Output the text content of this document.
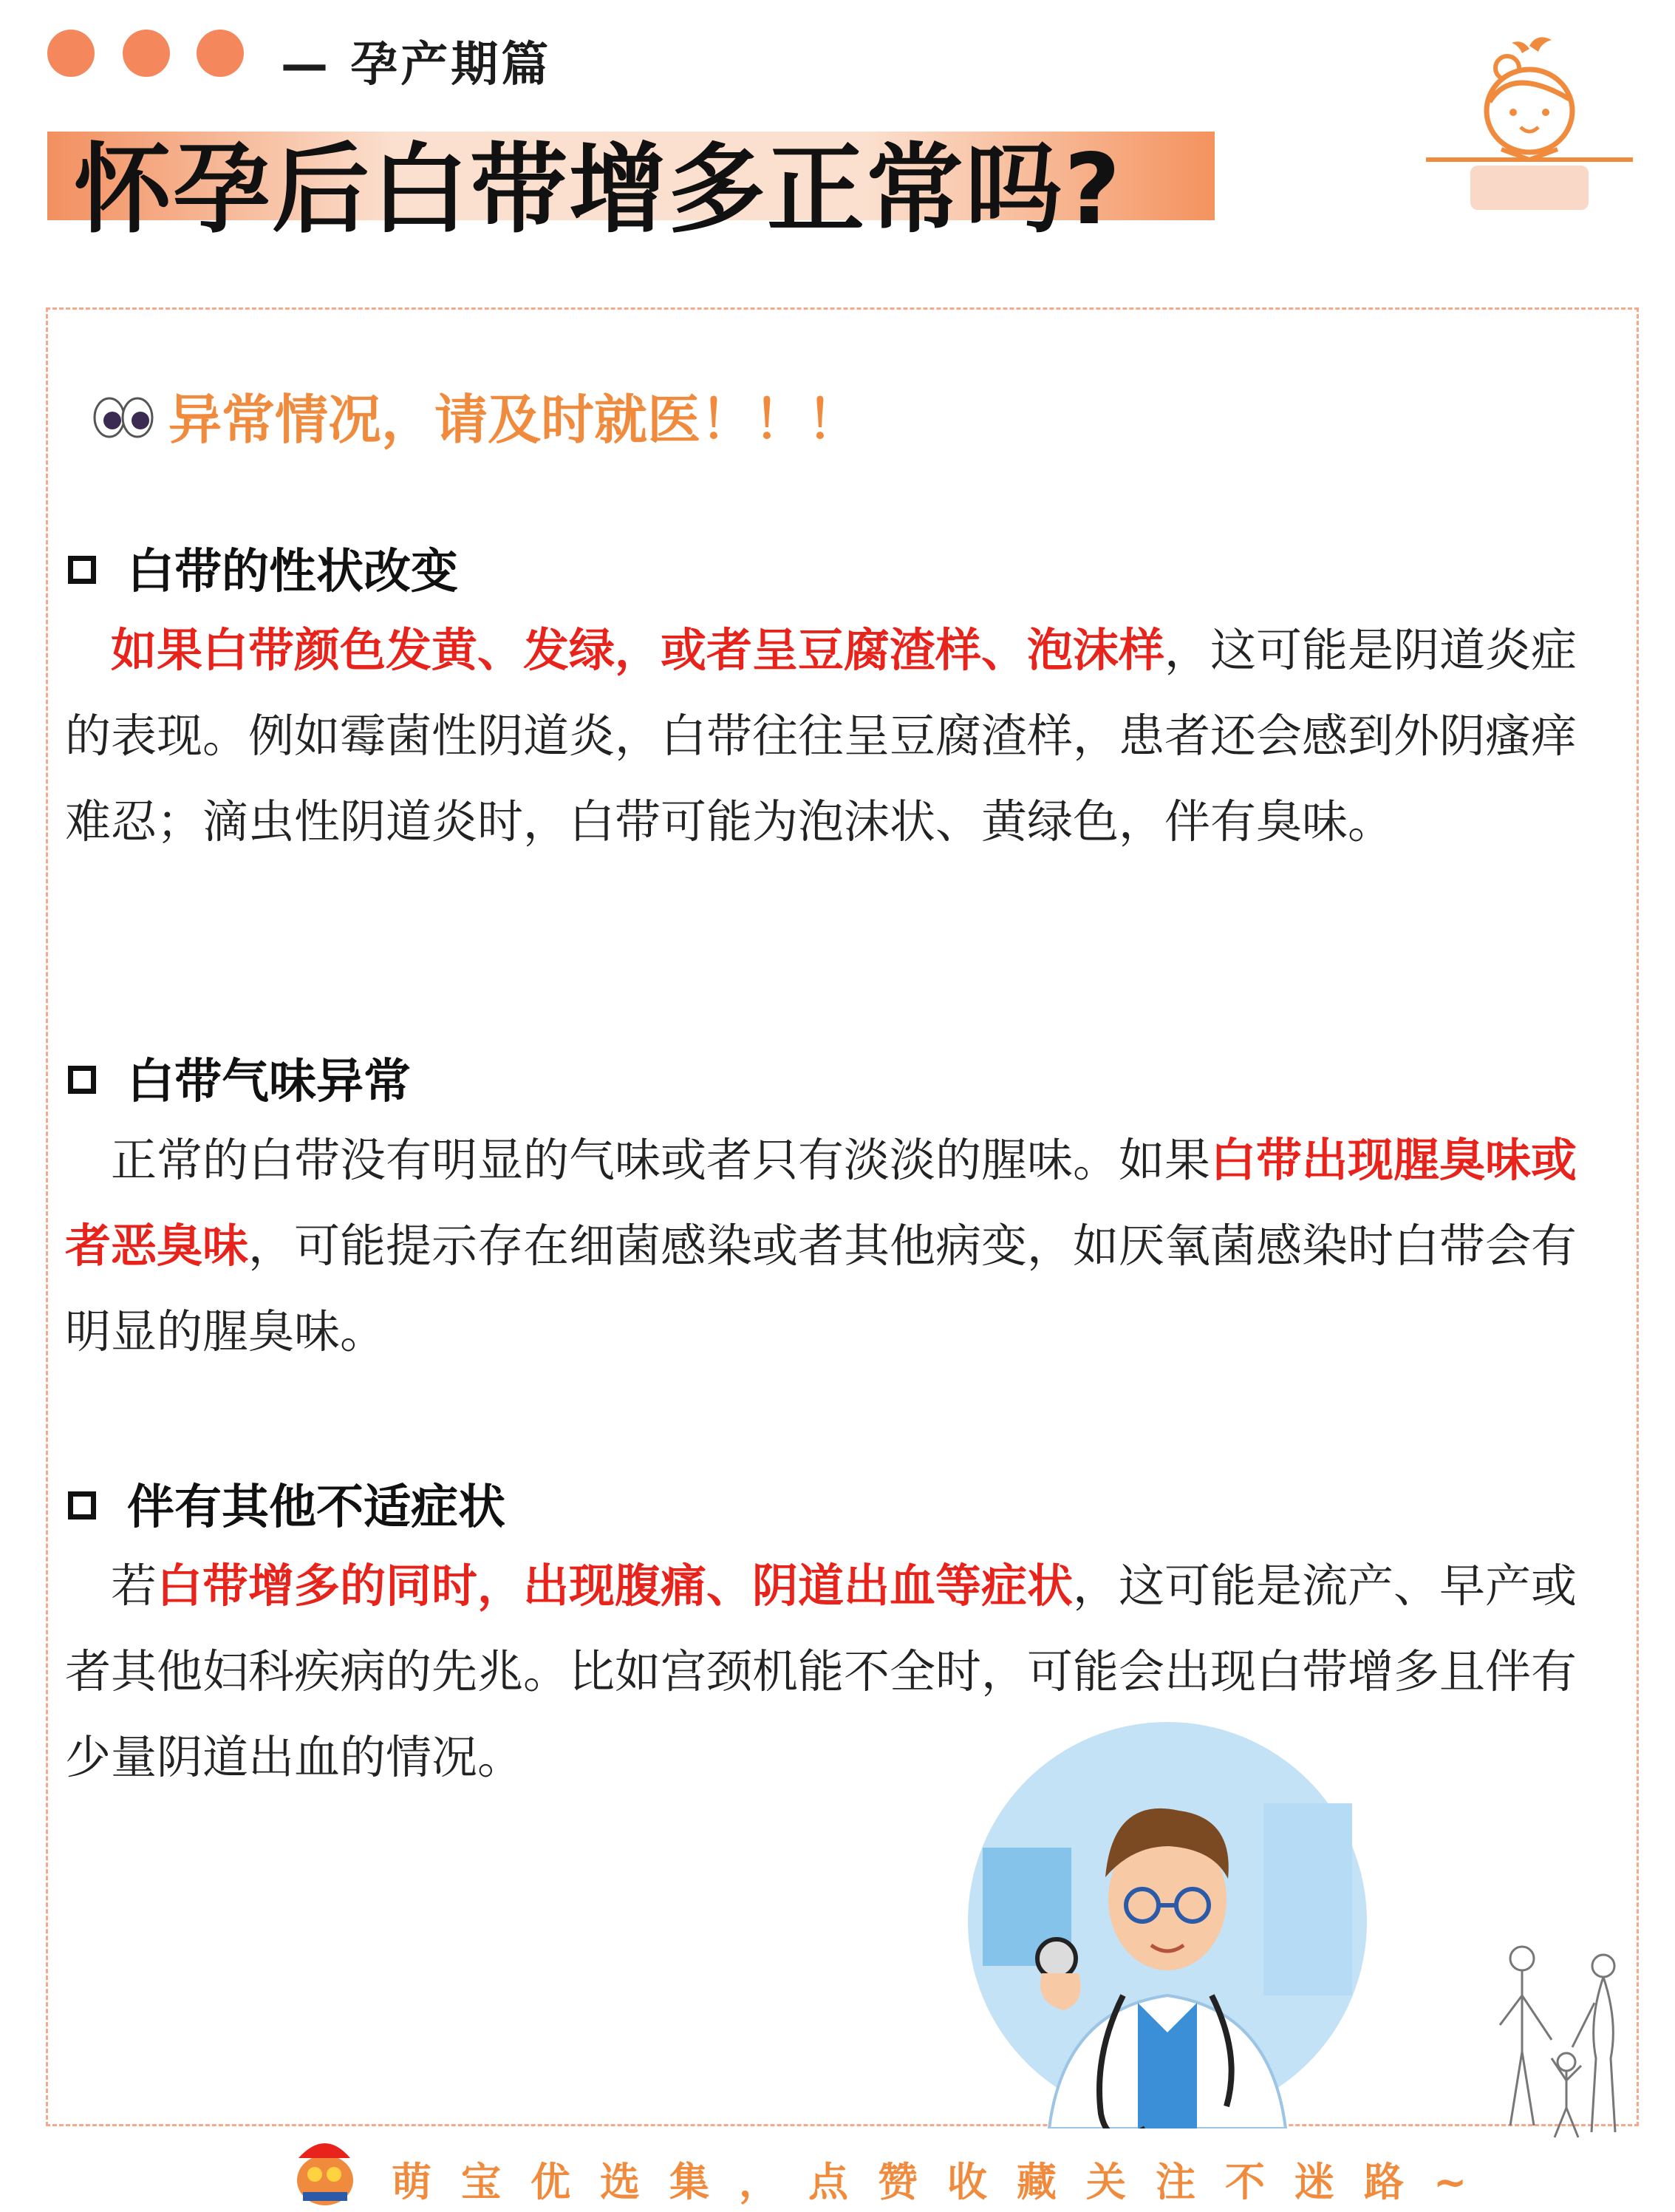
— 孕产期篇
怀孕后白带增多正常吗?
异常情况，请及时就医！！！
白带的性状改变
　如果白带颜色发黄、发绿，或者呈豆腐渣样、泡沫样，这可能是阴道炎症的表现。例如霉菌性阴道炎，白带往往呈豆腐渣样，患者还会感到外阴瘙痒难忍；滴虫性阴道炎时，白带可能为泡沫状、黄绿色，伴有臭味。
白带气味异常
　正常的白带没有明显的气味或者只有淡淡的腥味。如果白带出现腥臭味或者恶臭味，可能提示存在细菌感染或者其他病变，如厌氧菌感染时白带会有明显的腥臭味。
伴有其他不适症状
　若白带增多的同时，出现腹痛、阴道出血等症状，这可能是流产、早产或者其他妇科疾病的先兆。比如宫颈机能不全时，可能会出现白带增多且伴有少量阴道出血的情况。
萌宝优选集，点赞收藏关注不迷路~
